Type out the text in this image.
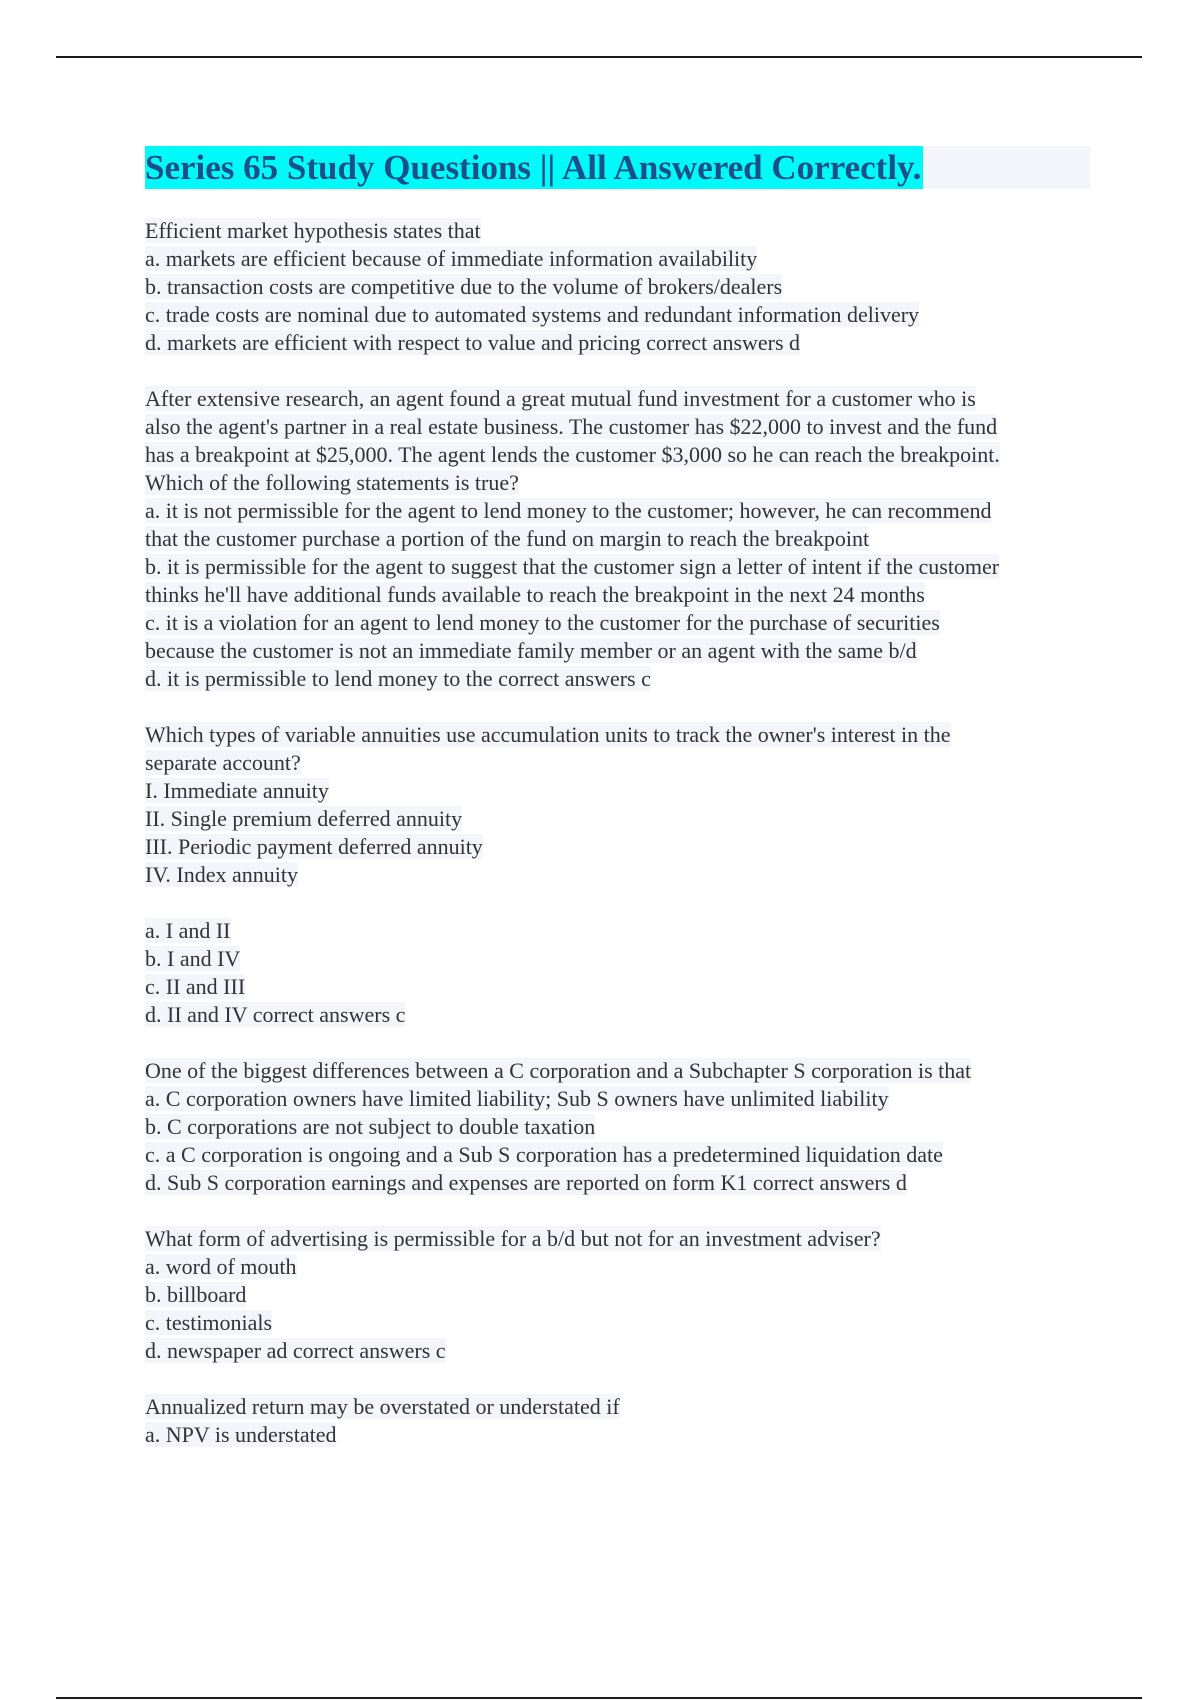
Series 65 Study Questions || All Answered Correctly.
Efficient market hypothesis states that
a. markets are efficient because of immediate information availability
b. transaction costs are competitive due to the volume of brokers/dealers
c. trade costs are nominal due to automated systems and redundant information delivery
d. markets are efficient with respect to value and pricing correct answers d
After extensive research, an agent found a great mutual fund investment for a customer who is
also the agent's partner in a real estate business. The customer has $22,000 to invest and the fund
has a breakpoint at $25,000. The agent lends the customer $3,000 so he can reach the breakpoint.
Which of the following statements is true?
a. it is not permissible for the agent to lend money to the customer; however, he can recommend
that the customer purchase a portion of the fund on margin to reach the breakpoint
b. it is permissible for the agent to suggest that the customer sign a letter of intent if the customer
thinks he'll have additional funds available to reach the breakpoint in the next 24 months
c. it is a violation for an agent to lend money to the customer for the purchase of securities
because the customer is not an immediate family member or an agent with the same b/d
d. it is permissible to lend money to the correct answers c
Which types of variable annuities use accumulation units to track the owner's interest in the
separate account?
I. Immediate annuity
II. Single premium deferred annuity
III. Periodic payment deferred annuity
IV. Index annuity
a. I and II
b. I and IV
c. II and III
d. II and IV correct answers c
One of the biggest differences between a C corporation and a Subchapter S corporation is that
a. C corporation owners have limited liability; Sub S owners have unlimited liability
b. C corporations are not subject to double taxation
c. a C corporation is ongoing and a Sub S corporation has a predetermined liquidation date
d. Sub S corporation earnings and expenses are reported on form K1 correct answers d
What form of advertising is permissible for a b/d but not for an investment adviser?
a. word of mouth
b. billboard
c. testimonials
d. newspaper ad correct answers c
Annualized return may be overstated or understated if
a. NPV is understated
